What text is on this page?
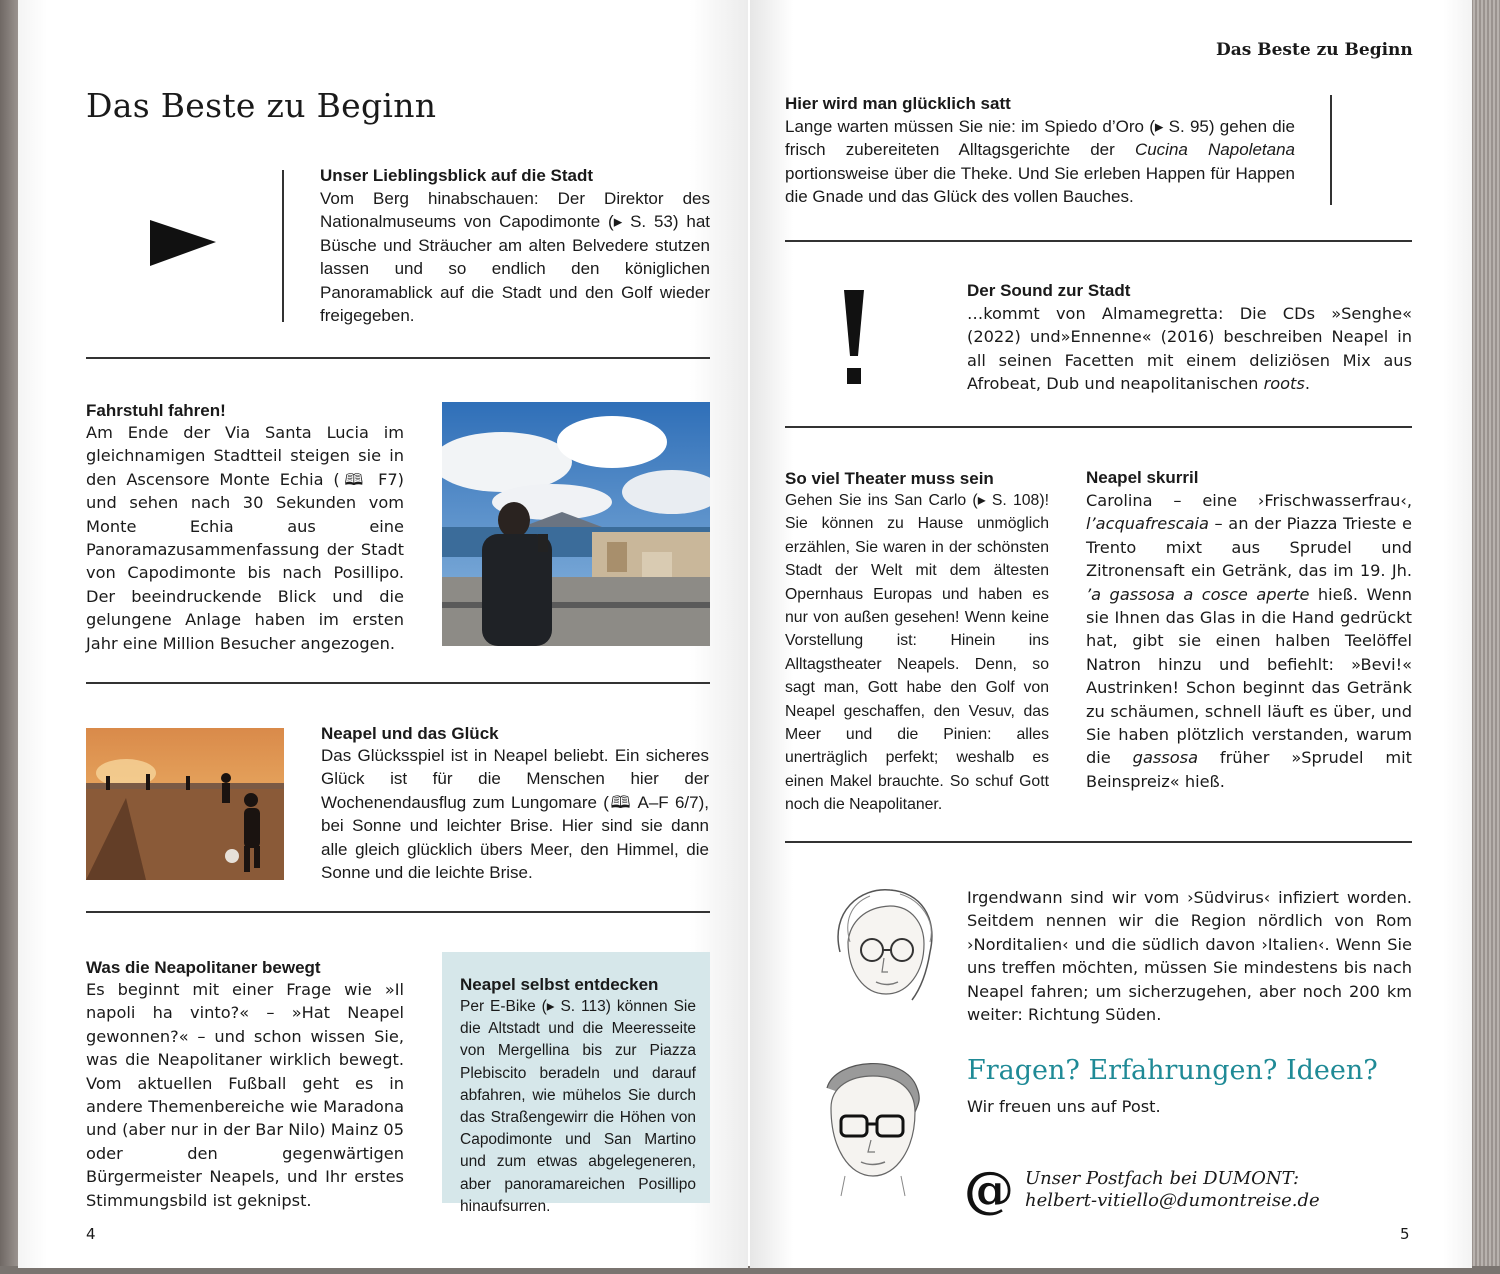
Das Beste zu Beginn
Unser Lieblingsblick auf die Stadt
Vom Berg hinabschauen: Der Direktor des Nationalmuseums von Capodimonte (▸ S. 53) hat Büsche und Sträucher am alten Belvedere stutzen lassen und so endlich den königlichen Panoramablick auf die Stadt und den Golf wieder freigegeben.
Fahrstuhl fahren!
Am Ende der Via Santa Lucia im gleichnamigen Stadtteil steigen sie in den Ascensore Monte Echia (🕮 F7) und sehen nach 30 Sekunden vom Monte Echia aus eine Panoramazusammenfassung der Stadt von Capodimonte bis nach Posillipo. Der beeindruckende Blick und die gelungene Anlage haben im ersten Jahr eine Million Besucher angezogen.
Neapel und das Glück
Das Glücksspiel ist in Neapel beliebt. Ein sicheres Glück ist für die Menschen hier der Wochenendausflug zum Lungomare (🕮 A–F 6/7), bei Sonne und leichter Brise. Hier sind sie dann alle gleich glücklich übers Meer, den Himmel, die Sonne und die leichte Brise.
Was die Neapolitaner bewegt
Es beginnt mit einer Frage wie »Il napoli ha vinto?« – »Hat Neapel gewonnen?« – und schon wissen Sie, was die Neapolitaner wirklich bewegt. Vom aktuellen Fußball geht es in andere Themenbereiche wie Maradona und (aber nur in der Bar Nilo) Mainz 05 oder den gegenwärtigen Bürgermeister Neapels, und Ihr erstes Stimmungsbild ist geknipst.
Neapel selbst entdecken
Per E-Bike (▸ S. 113) können Sie die Altstadt und die Meeresseite von Mergellina bis zur Piazza Plebiscito beradeln und darauf abfahren, wie mühelos Sie durch das Straßengewirr die Höhen von Capodimonte und San Martino und zum etwas abgelegeneren, aber panoramareichen Posillipo hinaufsurren.
4
Das Beste zu Beginn
Hier wird man glücklich satt
Lange warten müssen Sie nie: im Spiedo d’Oro (▸ S. 95) gehen die frisch zubereiteten Alltagsgerichte der Cucina Napoletana portionsweise über die Theke. Und Sie erleben Happen für Happen die Gnade und das Glück des vollen Bauches.
Der Sound zur Stadt
…kommt von Almamegretta: Die CDs »Senghe« (2022) und»Ennenne« (2016) beschreiben Neapel in all seinen Facetten mit einem deliziösen Mix aus Afrobeat, Dub und neapolitanischen roots.
So viel Theater muss sein
Gehen Sie ins San Carlo (▸ S. 108)! Sie können zu Hause unmöglich erzählen, Sie waren in der schönsten Stadt der Welt mit dem ältesten Opernhaus Europas und haben es nur von außen gesehen! Wenn keine Vorstellung ist: Hinein ins Alltagstheater Neapels. Denn, so sagt man, Gott habe den Golf von Neapel geschaffen, den Vesuv, das Meer und die Pinien: alles unerträglich perfekt; weshalb es einen Makel brauchte. So schuf Gott noch die Neapolitaner.
Neapel skurril
Carolina – eine ›Frischwasserfrau‹, l’acquafrescaia – an der Piazza Trieste e Trento mixt aus Sprudel und Zitronensaft ein Getränk, das im 19. Jh. ’a gassosa a cosce aperte hieß. Wenn sie Ihnen das Glas in die Hand gedrückt hat, gibt sie einen halben Teelöffel Natron hinzu und befiehlt: »Bevi!« Austrinken! Schon beginnt das Getränk zu schäumen, schnell läuft es über, und Sie haben plötzlich verstanden, warum die gassosa früher »Sprudel mit Beinspreiz« hieß.
Irgendwann sind wir vom ›Südvirus‹ infiziert worden. Seitdem nennen wir die Region nördlich von Rom ›Norditalien‹ und die südlich davon ›Italien‹. Wenn Sie uns treffen möchten, müssen Sie mindestens bis nach Neapel fahren; um sicherzugehen, aber noch 200 km weiter: Richtung Süden.
Fragen? Erfahrungen? Ideen?
Wir freuen uns auf Post.
@ Unser Postfach bei DUMONT:
helbert-vitiello@dumontreise.de
5
